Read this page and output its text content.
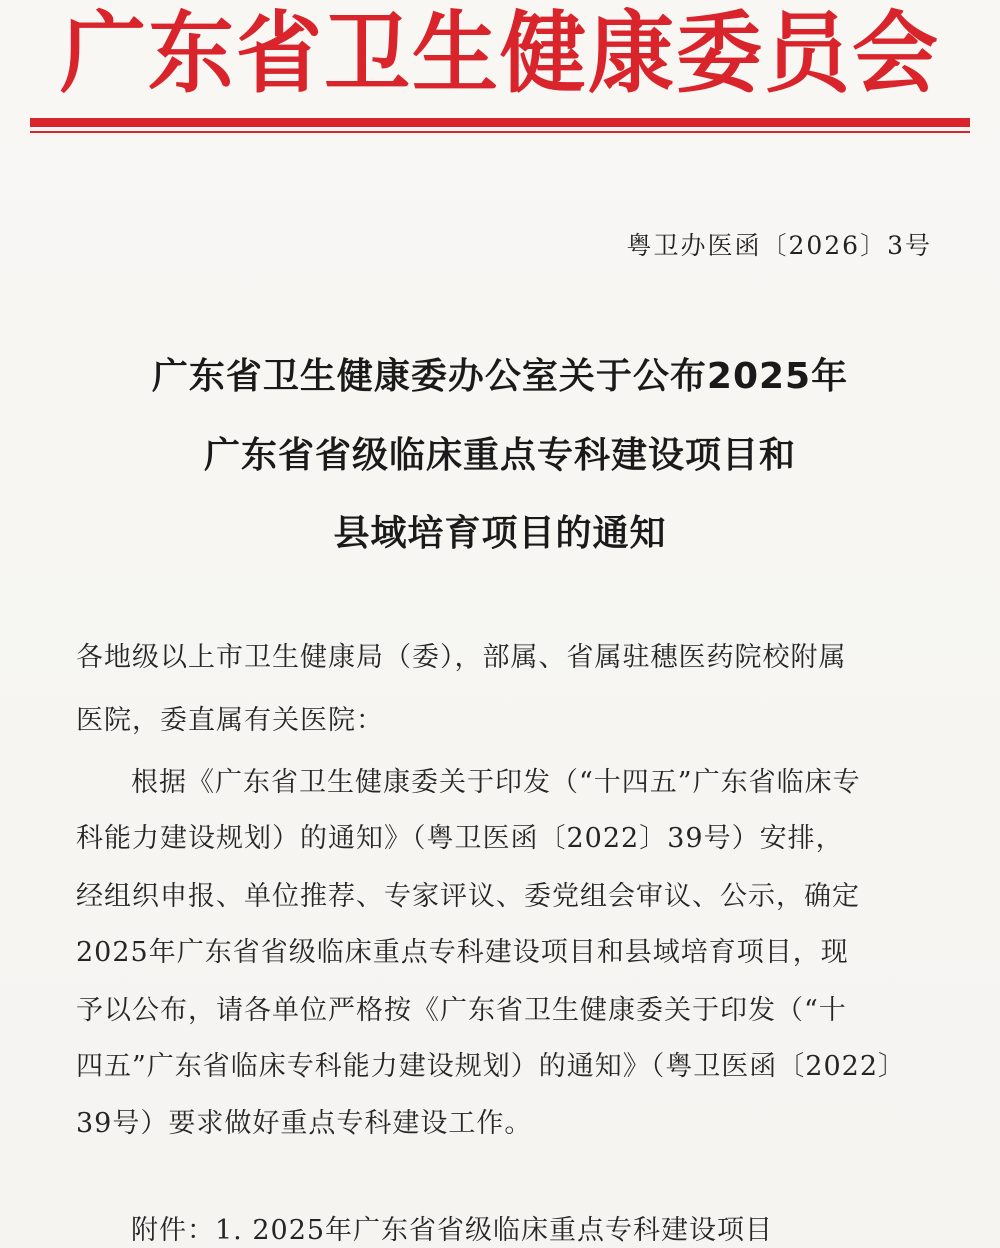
广东省卫生健康委员会
粤卫办医函〔2026〕3号
广东省卫生健康委办公室关于公布2025年
广东省省级临床重点专科建设项目和
县域培育项目的通知
各地级以上市卫生健康局（委），部属、省属驻穗医药院校附属
医院，委直属有关医院：
根据《广东省卫生健康委关于印发（“十四五”广东省临床专
科能力建设规划）的通知》（粤卫医函〔2022〕39号）安排，
经组织申报、单位推荐、专家评议、委党组会审议、公示，确定
2025年广东省省级临床重点专科建设项目和县域培育项目，现
予以公布，请各单位严格按《广东省卫生健康委关于印发（“十
四五”广东省临床专科能力建设规划）的通知》（粤卫医函〔2022〕
39号）要求做好重点专科建设工作。
附件：1. 2025年广东省省级临床重点专科建设项目
